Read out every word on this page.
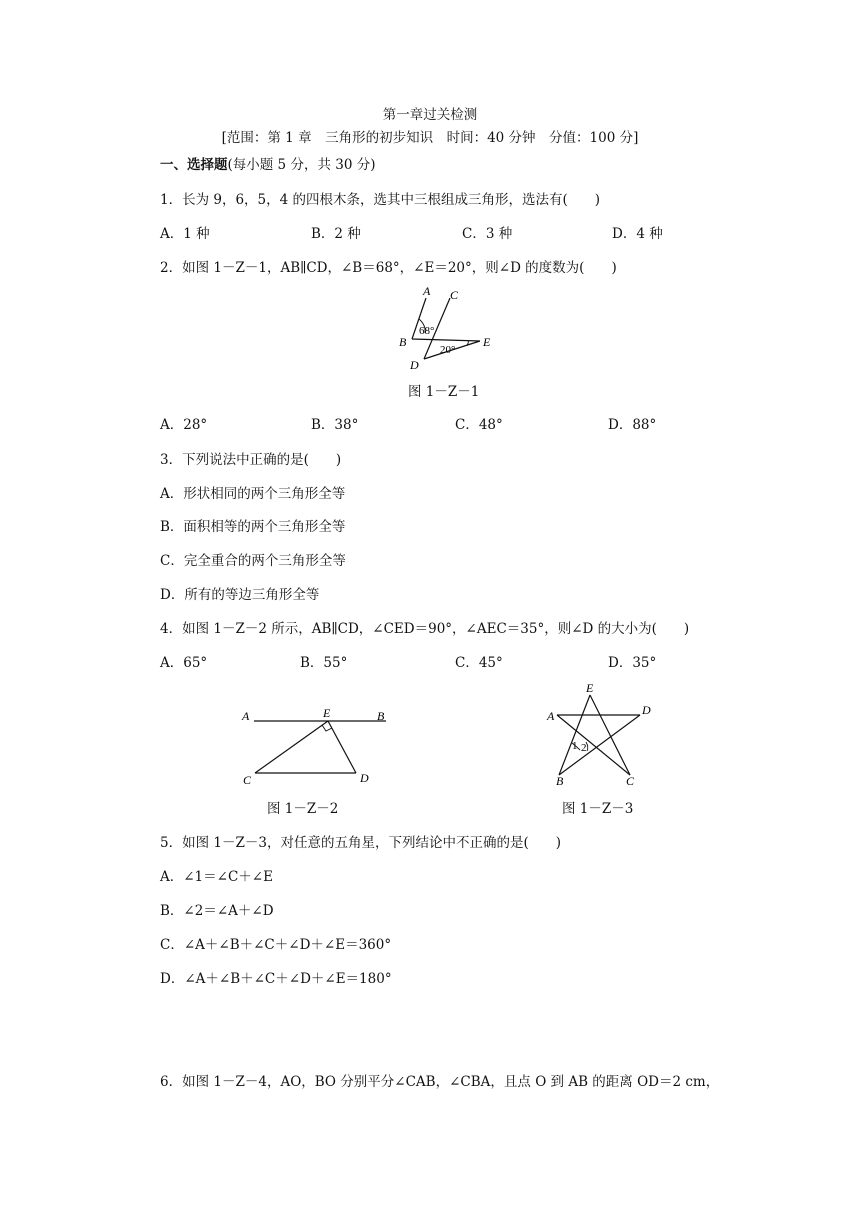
第一章过关检测
[范围：第 1 章　三角形的初步知识　时间：40 分钟　分值：100 分]
一、选择题(每小题 5 分，共 30 分)
1．长为 9，6，5，4 的四根木条，选其中三根组成三角形，选法有(　　)
A．1 种	B．2 种	C．3 种	D．4 种
2．如图 1－Z－1，AB∥CD，∠B＝68°，∠E＝20°，则∠D 的度数为(　　)
A C
B
D
E
68°
20°
图 1－Z－1
A．28°	B．38°	C．48°	D．88°
3．下列说法中正确的是(　　)
A．形状相同的两个三角形全等
B．面积相等的两个三角形全等
C．完全重合的两个三角形全等
D．所有的等边三角形全等
4．如图 1－Z－2 所示，AB∥CD，∠CED＝90°，∠AEC＝35°，则∠D 的大小为(　　)
A．65°	B．55°	C．45°	D．35°
A	E	B
C	D
图 1－Z－2
E
A	D
B	C
1 2
图 1－Z－3
5．如图 1－Z－3，对任意的五角星，下列结论中不正确的是(　　)
A．∠1＝∠C＋∠E
B．∠2＝∠A＋∠D
C．∠A＋∠B＋∠C＋∠D＋∠E＝360°
D．∠A＋∠B＋∠C＋∠D＋∠E＝180°
6．如图 1－Z－4，AO，BO 分别平分∠CAB，∠CBA，且点 O 到 AB 的距离 OD＝2 cm，
